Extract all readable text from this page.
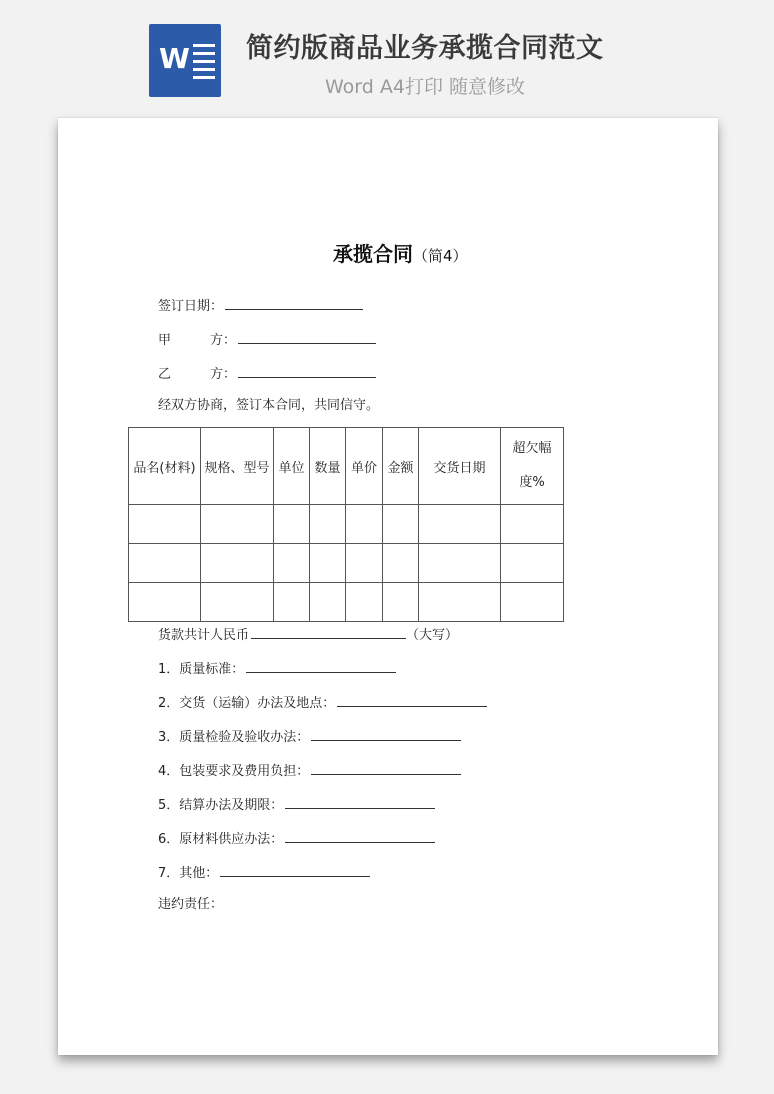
W 简约版商品业务承揽合同范文
Word A4打印 随意修改
承揽合同（简4）
签订日期：
甲	方：
乙	方：
经双方协商，签订本合同，共同信守。
品名(材料)	规格、型号	单位	数量	单价	金额	交货日期	超欠幅
度%

货款共计人民币	（大写）
1．质量标准：
2．交货（运输）办法及地点：
3．质量检验及验收办法：
4．包装要求及费用负担：
5．结算办法及期限：
6．原材料供应办法：
7．其他：
违约责任：
